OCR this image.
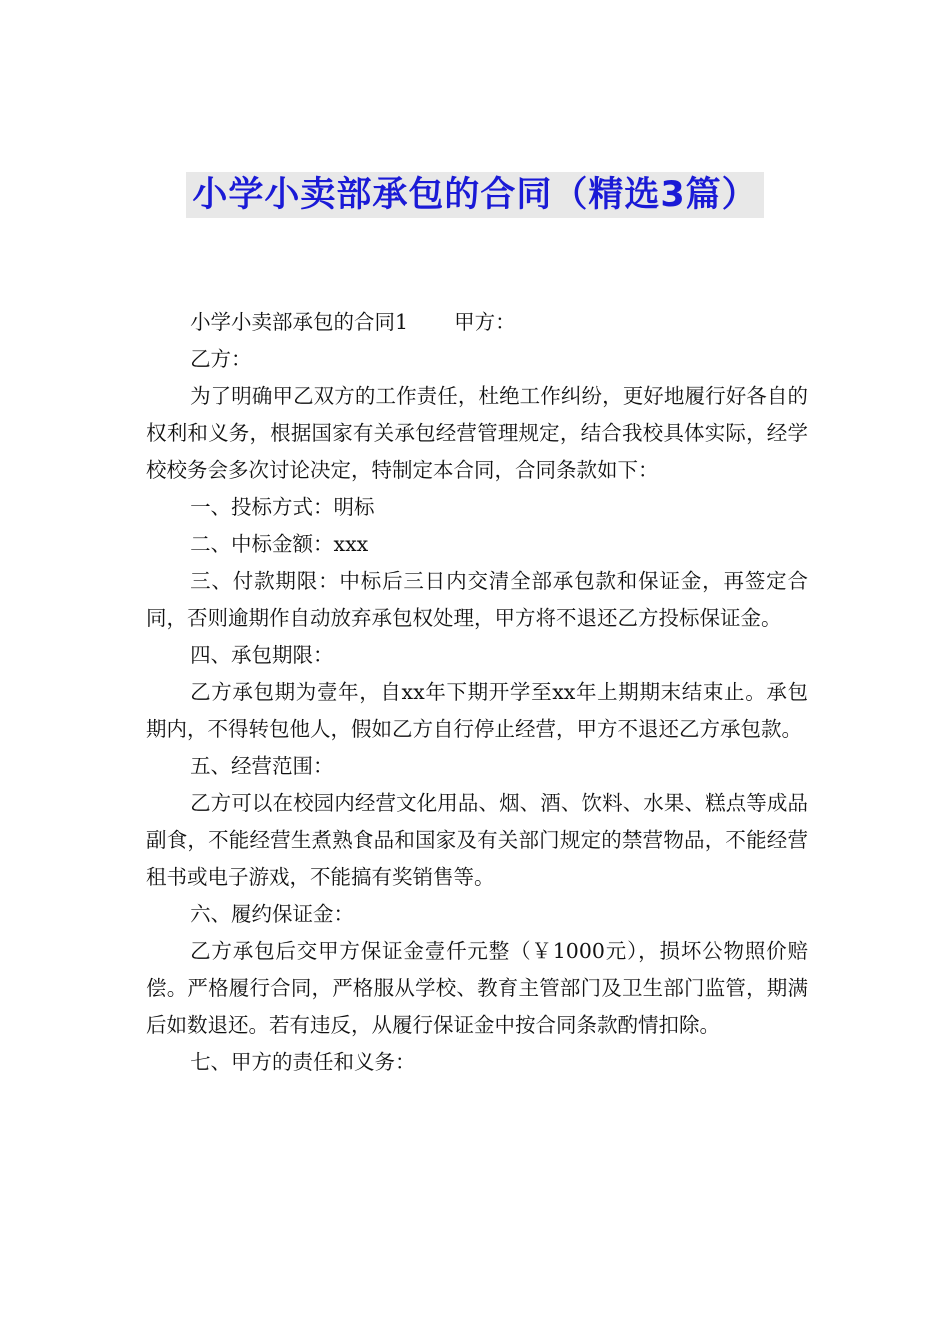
小学小卖部承包的合同（精选3篇）

小学小卖部承包的合同1 甲方：

乙方：

为了明确甲乙双方的工作责任，杜绝工作纠纷，更好地履行好各自的权利和义务，根据国家有关承包经营管理规定，结合我校具体实际，经学校校务会多次讨论决定，特制定本合同，合同条款如下：

一、投标方式：明标

二、中标金额：xxx

三、付款期限：中标后三日内交清全部承包款和保证金，再签定合同，否则逾期作自动放弃承包权处理，甲方将不退还乙方投标保证金。

四、承包期限：

乙方承包期为壹年，自xx年下期开学至xx年上期期末结束止。承包期内，不得转包他人，假如乙方自行停止经营，甲方不退还乙方承包款。

五、经营范围：

乙方可以在校园内经营文化用品、烟、酒、饮料、水果、糕点等成品副食，不能经营生煮熟食品和国家及有关部门规定的禁营物品，不能经营租书或电子游戏，不能搞有奖销售等。

六、履约保证金：

乙方承包后交甲方保证金壹仟元整（￥1000元），损坏公物照价赔偿。严格履行合同，严格服从学校、教育主管部门及卫生部门监管，期满后如数退还。若有违反，从履行保证金中按合同条款酌情扣除。

七、甲方的责任和义务：
